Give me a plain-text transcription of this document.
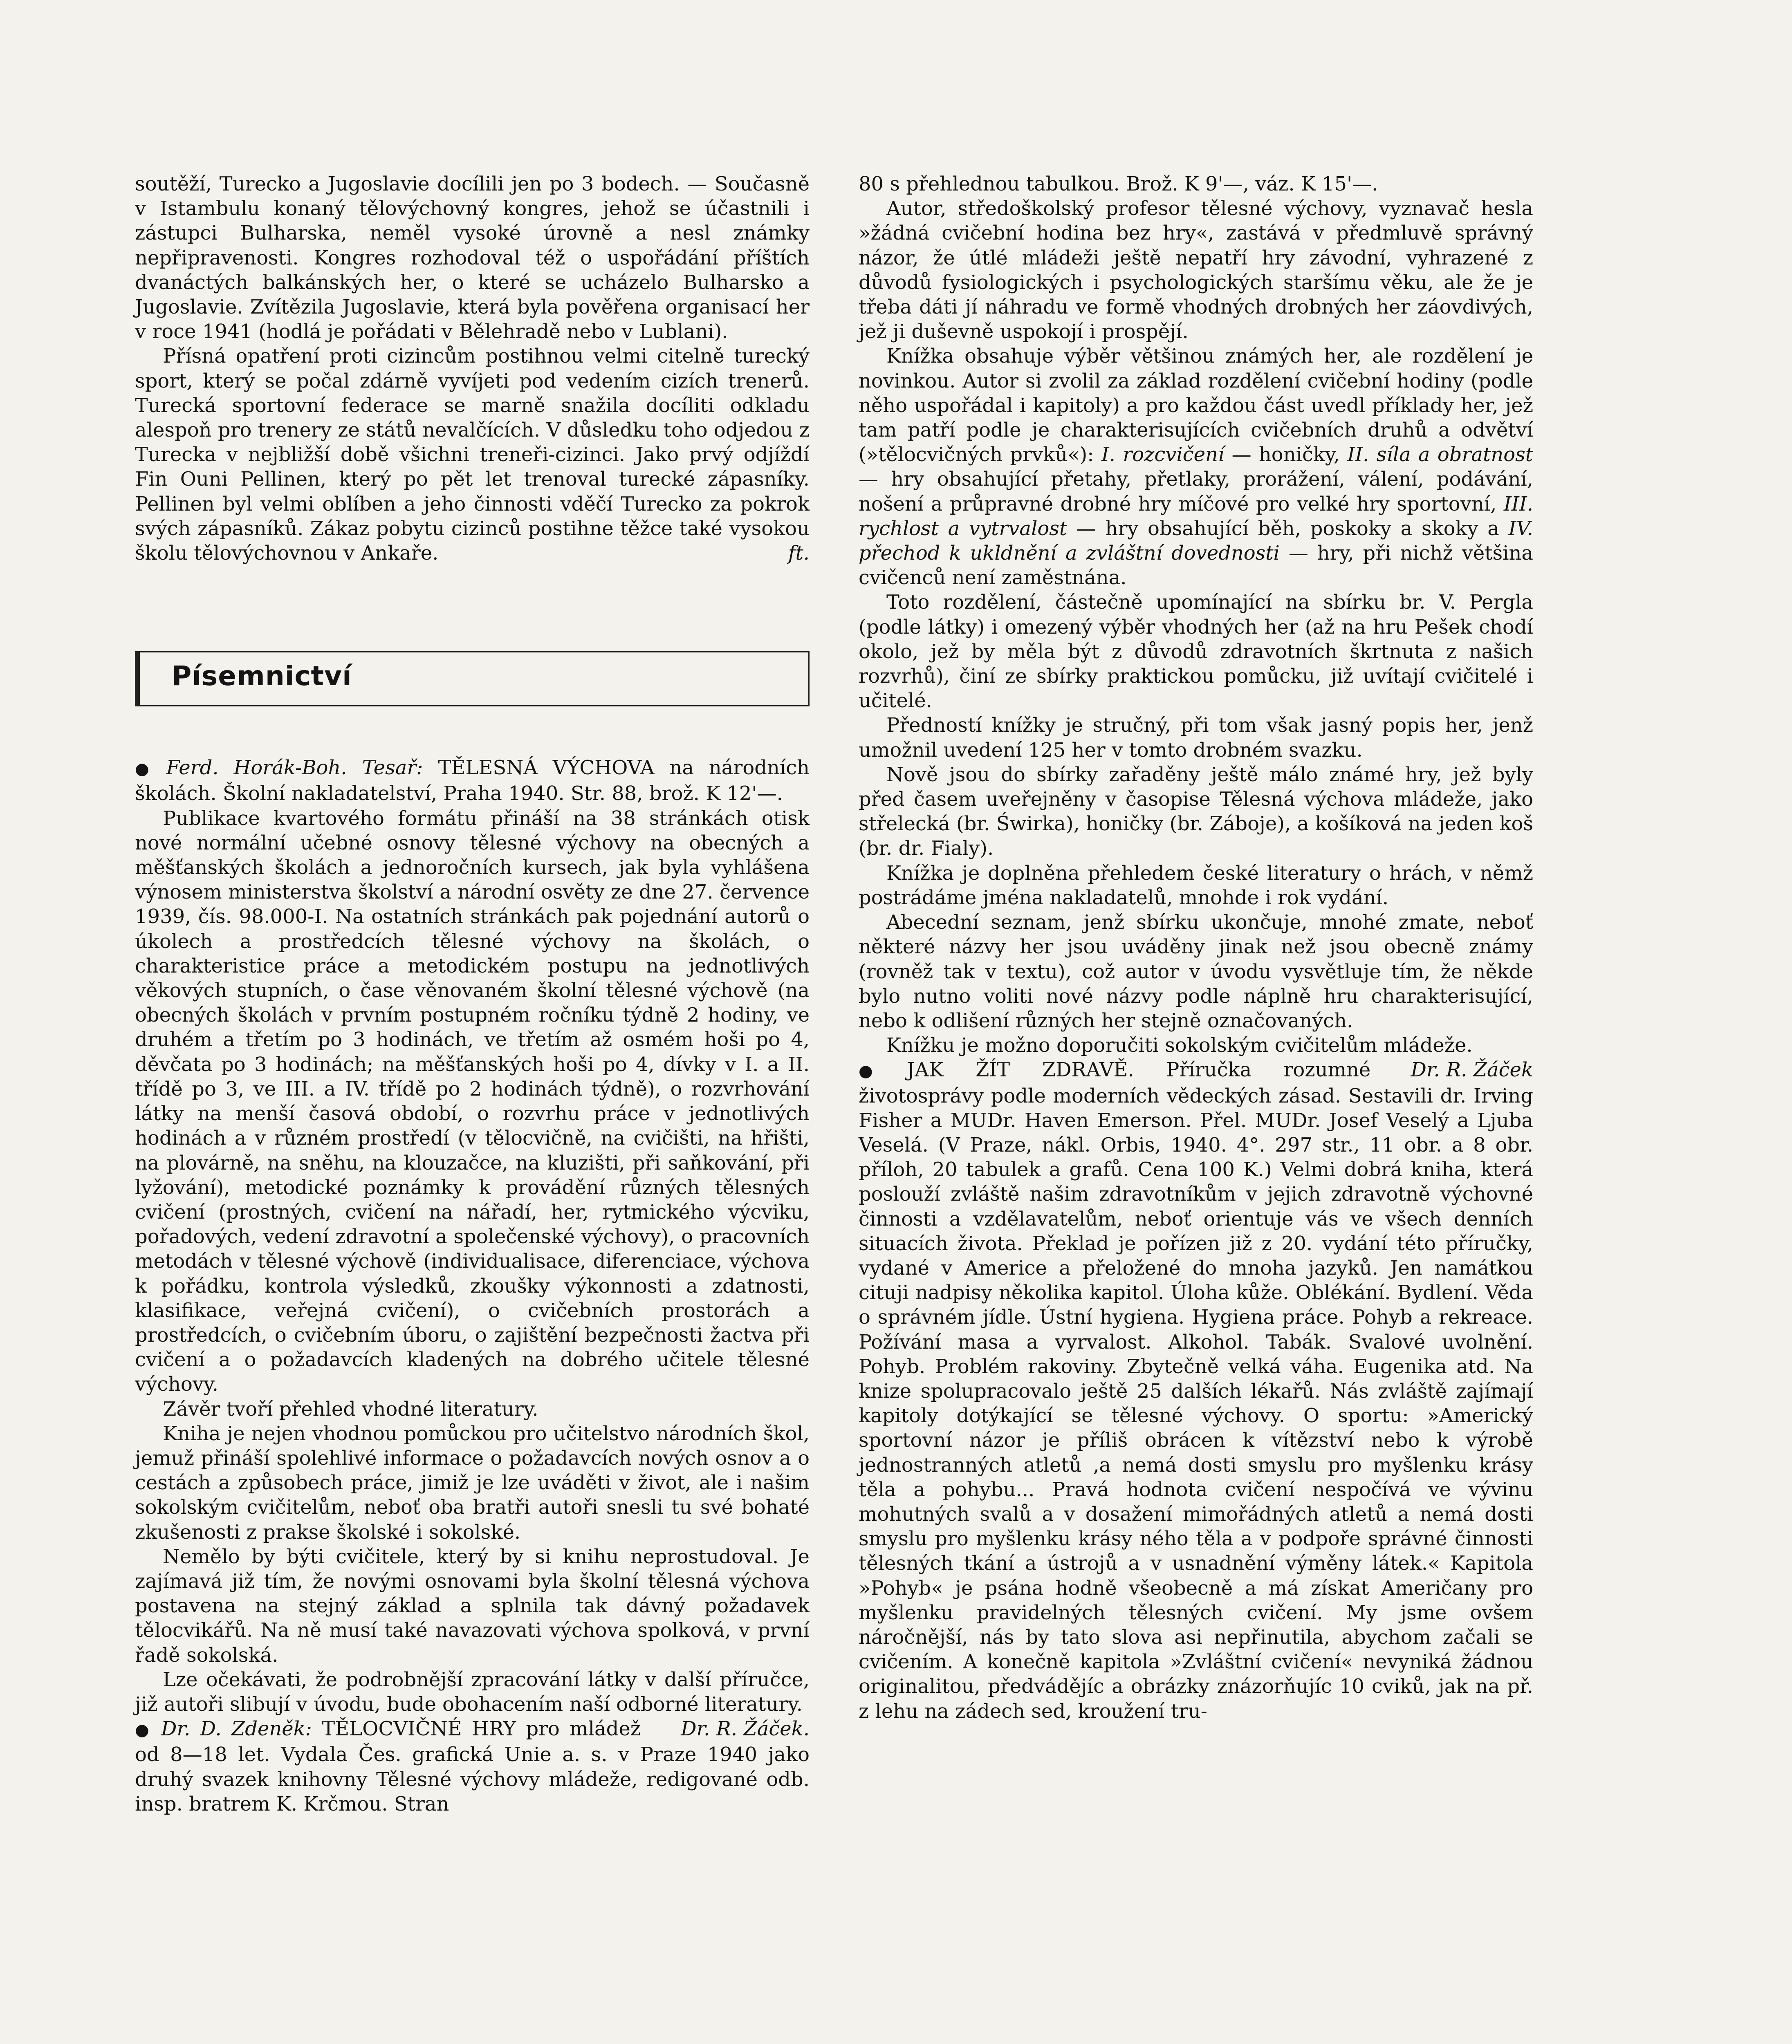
soutěží, Turecko a Jugoslavie docílili jen po 3 bodech. — Současně v Istambulu konaný tělovýchovný kongres, jehož se účastnili i zástupci Bulharska, neměl vysoké úrovně a nesl známky nepřipravenosti. Kongres rozhodoval též o uspořádání příštích dvanáctých balkánských her, o které se ucházelo Bulharsko a Jugoslavie. Zvítězila Jugoslavie, která byla pověřena organisací her v roce 1941 (hodlá je pořádati v Bělehradě nebo v Lublani).

Přísná opatření proti cizincům postihnou velmi citelně turecký sport, který se počal zdárně vyvíjeti pod vedením cizích trenerů. Turecká sportovní federace se marně snažila docíliti odkladu alespoň pro trenery ze států nevalčících. V důsledku toho odjedou z Turecka v nejbližší době všichni treneři-cizinci. Jako prvý odjíždí Fin Ouni Pellinen, který po pět let trenoval turecké zápasníky. Pellinen byl velmi oblíben a jeho činnosti vděčí Turecko za pokrok svých zápasníků. Zákaz pobytu cizinců postihne těžce také vysokou školu tělovýchovnou v Ankaře.	ft.

Písemnictví

● Ferd. Horák-Boh. Tesař: TĚLESNÁ VÝCHOVA na národních školách. Školní nakladatelství, Praha 1940. Str. 88, brož. K 12'—.

Publikace kvartového formátu přináší na 38 stránkách otisk nové normální učebné osnovy tělesné výchovy na obecných a měšťanských školách a jednoročních kursech, jak byla vyhlášena výnosem ministerstva školství a národní osvěty ze dne 27. července 1939, čís. 98.000-I. Na ostatních stránkách pak pojednání autorů o úkolech a prostředcích tělesné výchovy na školách, o charakteristice práce a metodickém postupu na jednotlivých věkových stupních, o čase věnovaném školní tělesné výchově (na obecných školách v prvním postupném ročníku týdně 2 hodiny, ve druhém a třetím po 3 hodinách, ve třetím až osmém hoši po 4, děvčata po 3 hodinách; na měšťanských hoši po 4, dívky v I. a II. třídě po 3, ve III. a IV. třídě po 2 hodinách týdně), o rozvrhování látky na menší časová období, o rozvrhu práce v jednotlivých hodinách a v různém prostředí (v tělocvičně, na cvičišti, na hřišti, na plovárně, na sněhu, na klouzačce, na kluzišti, při saňkování, při lyžování), metodické poznámky k provádění různých tělesných cvičení (prostných, cvičení na nářadí, her, rytmického výcviku, pořadových, vedení zdravotní a společenské výchovy), o pracovních metodách v tělesné výchově (individualisace, diferenciace, výchova k pořádku, kontrola výsledků, zkoušky výkonnosti a zdatnosti, klasifikace, veřejná cvičení), o cvičebních prostorách a prostředcích, o cvičebním úboru, o zajištění bezpečnosti žactva při cvičení a o požadavcích kladených na dobrého učitele tělesné výchovy.

Závěr tvoří přehled vhodné literatury.

Kniha je nejen vhodnou pomůckou pro učitelstvo národních škol, jemuž přináší spolehlivé informace o požadavcích nových osnov a o cestách a způsobech práce, jimiž je lze uváděti v život, ale i našim sokolským cvičitelům, neboť oba bratři autoři snesli tu své bohaté zkušenosti z prakse školské i sokolské.

Nemělo by býti cvičitele, který by si knihu neprostudoval. Je zajímavá již tím, že novými osnovami byla školní tělesná výchova postavena na stejný základ a splnila tak dávný požadavek tělocvikářů. Na ně musí také navazovati výchova spolková, v první řadě sokolská.

Lze očekávati, že podrobnější zpracování látky v další příručce, již autoři slibují v úvodu, bude obohacením naší odborné literatury.
Dr. R. Žáček.

● Dr. D. Zdeněk: TĚLOCVIČNÉ HRY pro mládež od 8—18 let. Vydala Čes. grafická Unie a. s. v Praze 1940 jako druhý svazek knihovny Tělesné výchovy mládeže, redigované odb. insp. bratrem K. Krčmou. Stran

80 s přehlednou tabulkou. Brož. K 9'—, váz. K 15'—.

Autor, středoškolský profesor tělesné výchovy, vyznavač hesla »žádná cvičební hodina bez hry«, zastává v předmluvě správný názor, že útlé mládeži ještě nepatří hry závodní, vyhrazené z důvodů fysiologických i psychologických staršímu věku, ale že je třeba dáti jí náhradu ve formě vhodných drobných her záovdivých, jež ji duševně uspokojí i prospějí.

Knížka obsahuje výběr většinou známých her, ale rozdělení je novinkou. Autor si zvolil za základ rozdělení cvičební hodiny (podle něho uspořádal i kapitoly) a pro každou část uvedl příklady her, jež tam patří podle je charakterisujících cvičebních druhů a odvětví (»tělocvičných prvků«): I. rozcvičení — honičky, II. síla a obratnost — hry obsahující přetahy, přetlaky, prorážení, válení, podávání, nošení a průpravné drobné hry míčové pro velké hry sportovní, III. rychlost a vytrvalost — hry obsahující běh, poskoky a skoky a IV. přechod k ukldnění a zvláštní dovednosti — hry, při nichž většina cvičenců není zaměstnána.

Toto rozdělení, částečně upomínající na sbírku br. V. Pergla (podle látky) i omezený výběr vhodných her (až na hru Pešek chodí okolo, jež by měla být z důvodů zdravotních škrtnuta z našich rozvrhů), činí ze sbírky praktickou pomůcku, již uvítají cvičitelé i učitelé.

Předností knížky je stručný, při tom však jasný popis her, jenž umožnil uvedení 125 her v tomto drobném svazku.

Nově jsou do sbírky zařaděny ještě málo známé hry, jež byly před časem uveřejněny v časopise Tělesná výchova mládeže, jako střelecká (br. Świrka), honičky (br. Záboje), a košíková na jeden koš (br. dr. Fialy).

Knížka je doplněna přehledem české literatury o hrách, v němž postrádáme jména nakladatelů, mnohde i rok vydání.

Abecední seznam, jenž sbírku ukončuje, mnohé zmate, neboť některé názvy her jsou uváděny jinak než jsou obecně známy (rovněž tak v textu), což autor v úvodu vysvětluje tím, že někde bylo nutno voliti nové názvy podle náplně hru charakterisující, nebo k odlišení různých her stejně označovaných.

Knížku je možno doporučiti sokolským cvičitelům mládeže.
Dr. R. Žáček

● JAK ŽÍT ZDRAVĚ. Příručka rozumné životosprávy podle moderních vědeckých zásad. Sestavili dr. Irving Fisher a MUDr. Haven Emerson. Přel. MUDr. Josef Veselý a Ljuba Veselá. (V Praze, nákl. Orbis, 1940. 4°. 297 str., 11 obr. a 8 obr. příloh, 20 tabulek a grafů. Cena 100 K.) Velmi dobrá kniha, která poslouží zvláště našim zdravotníkům v jejich zdravotně výchovné činnosti a vzdělavatelům, neboť orientuje vás ve všech denních situacích života. Překlad je pořízen již z 20. vydání této příručky, vydané v Americe a přeložené do mnoha jazyků. Jen namátkou cituji nadpisy několika kapitol. Úloha kůže. Oblékání. Bydlení. Věda o správném jídle. Ústní hygiena. Hygiena práce. Pohyb a rekreace. Požívání masa a vyrvalost. Alkohol. Tabák. Svalové uvolnění. Pohyb. Problém rakoviny. Zbytečně velká váha. Eugenika atd. Na knize spolupracovalo ještě 25 dalších lékařů. Nás zvláště zajímají kapitoly dotýkající se tělesné výchovy. O sportu: »Americký sportovní názor je příliš obrácen k vítězství nebo k výrobě jednostranných atletů ‚a nemá dosti smyslu pro myšlenku krásy těla a pohybu... Pravá hodnota cvičení nespočívá ve vývinu mohutných svalů a v dosažení mimořádných atletů a nemá dosti smyslu pro myšlenku krásy ného těla a v podpoře správné činnosti tělesných tkání a ústrojů a v usnadnění výměny látek.« Kapitola »Pohyb« je psána hodně všeobecně a má získat Američany pro myšlenku pravidelných tělesných cvičení. My jsme ovšem náročnější, nás by tato slova asi nepřinutila, abychom začali se cvičením. A konečně kapitola »Zvláštní cvičení« nevyniká žádnou originalitou, předvádějíc a obrázky znázorňujíc 10 cviků, jak na př. z lehu na zádech sed, kroužení tru-
